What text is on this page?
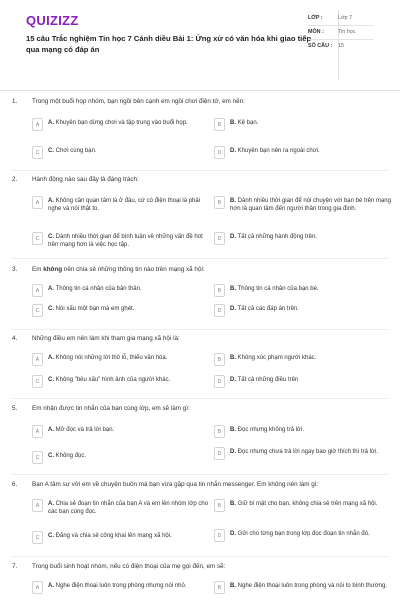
QUIZIZZ
15 câu Trắc nghiệm Tin học 7 Cánh diều Bài 1: Ứng xử có văn hóa khi giao tiếp qua mạng có đáp án
LỚP :	Lớp 7
MÔN :	Tin học
SỐ CÂU :	15
1. Trong một buổi họp nhóm, bạn ngồi bên cạnh em ngồi chơi điện tử, em nên:
A	A. Khuyên bạn dừng chơi và tập trung vào buổi họp.	B	B. Kệ bạn.
C	C. Chơi cùng bạn.	D	D. Khuyên bạn nên ra ngoài chơi.
2. Hành động nào sau đây là đáng trách:
A	A. Không cần quan tâm là ở đâu, cứ có điện thoại là phải nghe và nói thật to.
B	B. Dành nhiều thời gian để nói chuyện với bạn bè trên mạng hơn là quan tâm đến người thân trong gia đình.
C	C. Dành nhiều thời gian để bình luận về những vấn đề hot trên mạng hơn là việc học tập.
D	D. Tất cả những hành động trên.
3. Em không nên chia sẻ những thông tin nào trên mạng xã hội:
A	A. Thông tin cá nhân của bản thân.	B	B. Thông tin cá nhân của bạn bè.
C	C. Nói xấu một bạn mà em ghét.	D	D. Tất cả các đáp án trên.
4. Những điều em nên làm khi tham gia mạng xã hội là:
A	A. Không nói những lời thô lỗ, thiếu văn hóa.	B	B. Không xúc phạm người khác.
C	C. Không "bêu xấu" hình ảnh của người khác.	D	D. Tất cả những điều trên
5. Em nhận được tin nhắn của bạn cùng lớp, em sẽ làm gì:
A	A. Mở đọc và trả lời bạn.	B	B. Đọc nhưng không trả lời.
C	C. Không đọc.	D	D. Đọc nhưng chưa trả lời ngay bao giờ thích thì trả lời.
6. Bạn A tâm sự với em về chuyện buồn mà bạn vừa gặp qua tin nhắn messenger. Em không nên làm gì:
A	A. Chia sẻ đoạn tin nhắn của bạn A và em lên nhóm lớp cho các bạn cùng đọc.
B	B. Giữ bí mật cho bạn, không chia sẻ trên mạng xã hội.
C	C. Đăng và chia sẻ công khai lên mạng xã hội.	D	D. Gửi cho từng bạn trong lớp đọc đoạn tin nhắn đó.
7. Trong buổi sinh hoạt nhóm, nếu có điện thoại của mẹ gọi đến, em sẽ:
A	A. Nghe điện thoại luôn trong phòng nhưng nói nhỏ.	B	B. Nghe điện thoại luôn trong phòng và nói to bình thường.
